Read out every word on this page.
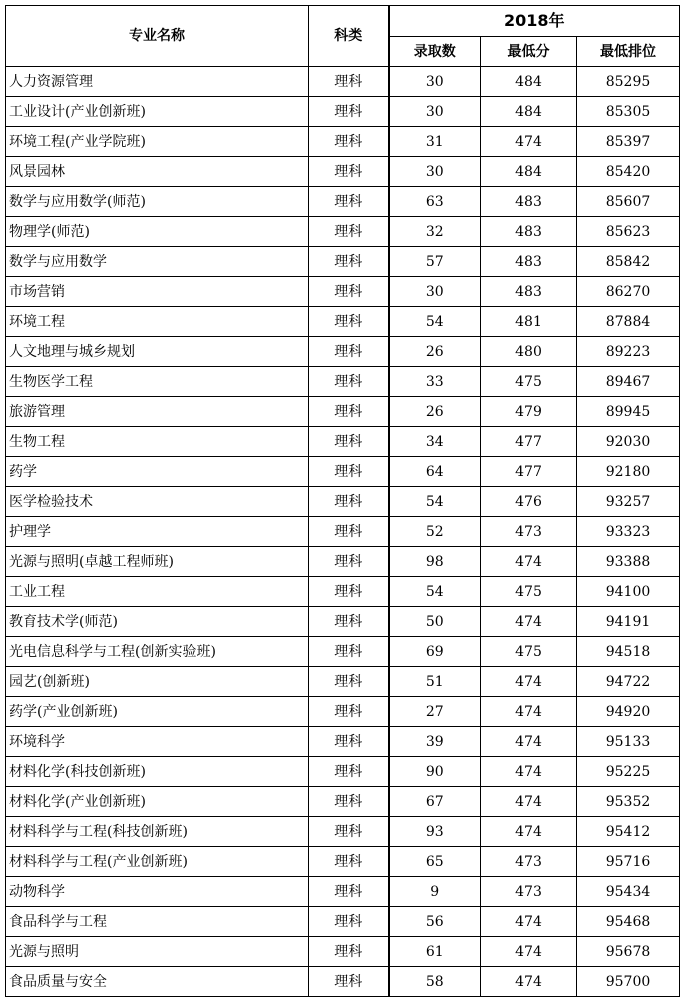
专业名称	科类	2018年		
		录取数	最低分	最低排位
人力资源管理	理科	30	484	85295
工业设计(产业创新班)	理科	30	484	85305
环境工程(产业学院班)	理科	31	474	85397
风景园林	理科	30	484	85420
数学与应用数学(师范)	理科	63	483	85607
物理学(师范)	理科	32	483	85623
数学与应用数学	理科	57	483	85842
市场营销	理科	30	483	86270
环境工程	理科	54	481	87884
人文地理与城乡规划	理科	26	480	89223
生物医学工程	理科	33	475	89467
旅游管理	理科	26	479	89945
生物工程	理科	34	477	92030
药学	理科	64	477	92180
医学检验技术	理科	54	476	93257
护理学	理科	52	473	93323
光源与照明(卓越工程师班)	理科	98	474	93388
工业工程	理科	54	475	94100
教育技术学(师范)	理科	50	474	94191
光电信息科学与工程(创新实验班)	理科	69	475	94518
园艺(创新班)	理科	51	474	94722
药学(产业创新班)	理科	27	474	94920
环境科学	理科	39	474	95133
材料化学(科技创新班)	理科	90	474	95225
材料化学(产业创新班)	理科	67	474	95352
材料科学与工程(科技创新班)	理科	93	474	95412
材料科学与工程(产业创新班)	理科	65	473	95716
动物科学	理科	9	473	95434
食品科学与工程	理科	56	474	95468
光源与照明	理科	61	474	95678
食品质量与安全	理科	58	474	95700
